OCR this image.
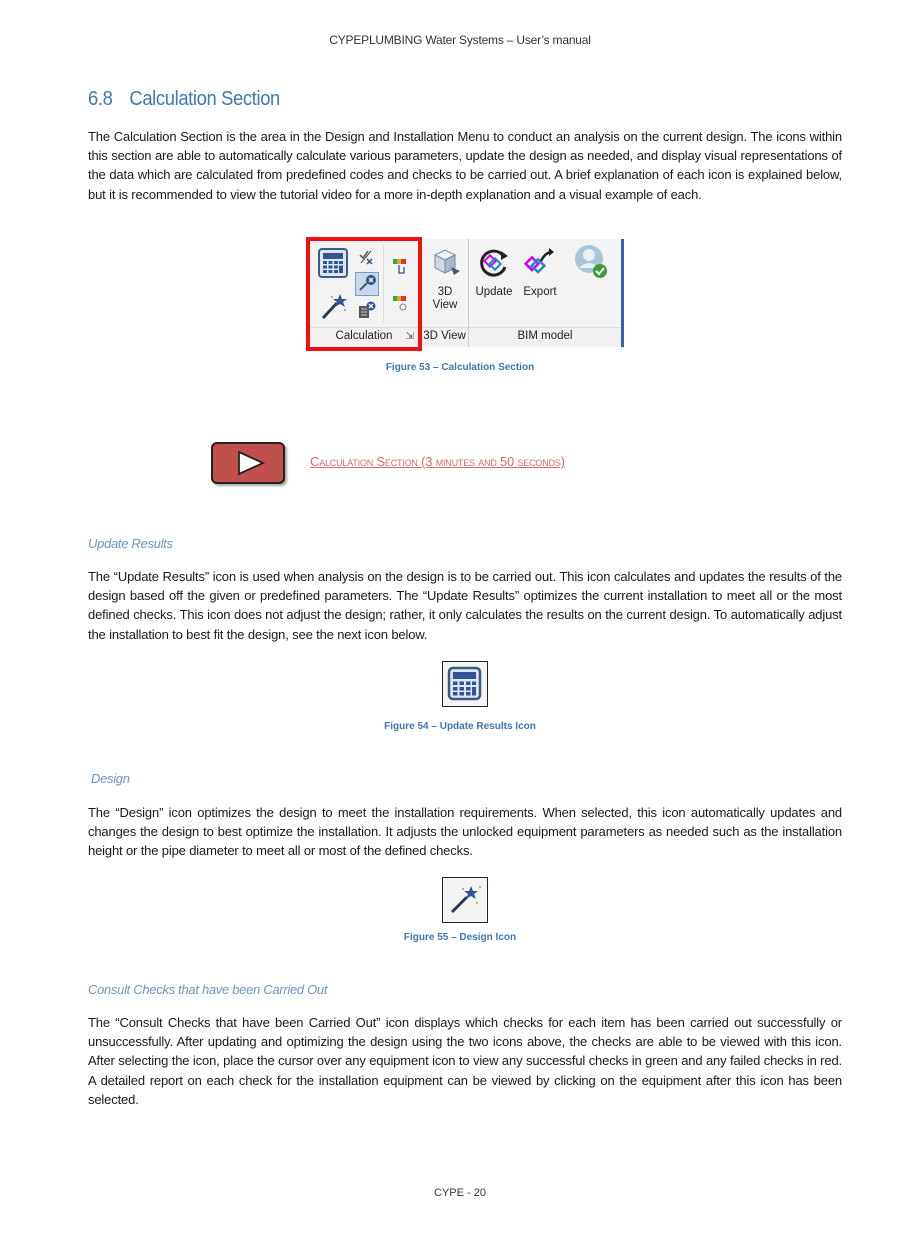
CYPEPLUMBING Water Systems – User’s manual
6.8 Calculation Section

The Calculation Section is the area in the Design and Installation Menu to conduct an analysis on the current design. The icons within this section are able to automatically calculate various parameters, update the design as needed, and display visual representations of the data which are calculated from predefined codes and checks to be carried out. A brief explanation of each icon is explained below, but it is recommended to view the tutorial video for a more in-depth explanation and a visual example of each.

Calculation ⇲
3D
View
3D View
Update Export
BIM model
Figure 53 – Calculation Section
Calculation Section (3 minutes and 50 seconds)
Update Results

The “Update Results” icon is used when analysis on the design is to be carried out. This icon calculates and updates the results of the design based off the given or predefined parameters. The “Update Results” optimizes the current installation to meet all or the most defined checks. This icon does not adjust the design; rather, it only calculates the results on the current design. To automatically adjust the installation to best fit the design, see the next icon below.

Figure 54 – Update Results Icon
Design

The “Design” icon optimizes the design to meet the installation requirements. When selected, this icon automatically updates and changes the design to best optimize the installation. It adjusts the unlocked equipment parameters as needed such as the installation height or the pipe diameter to meet all or most of the defined checks.

Figure 55 – Design Icon
Consult Checks that have been Carried Out

The “Consult Checks that have been Carried Out” icon displays which checks for each item has been carried out successfully or unsuccessfully. After updating and optimizing the design using the two icons above, the checks are able to be viewed with this icon. After selecting the icon, place the cursor over any equipment icon to view any successful checks in green and any failed checks in red. A detailed report on each check for the installation equipment can be viewed by clicking on the equipment after this icon has been selected.

CYPE - 20
